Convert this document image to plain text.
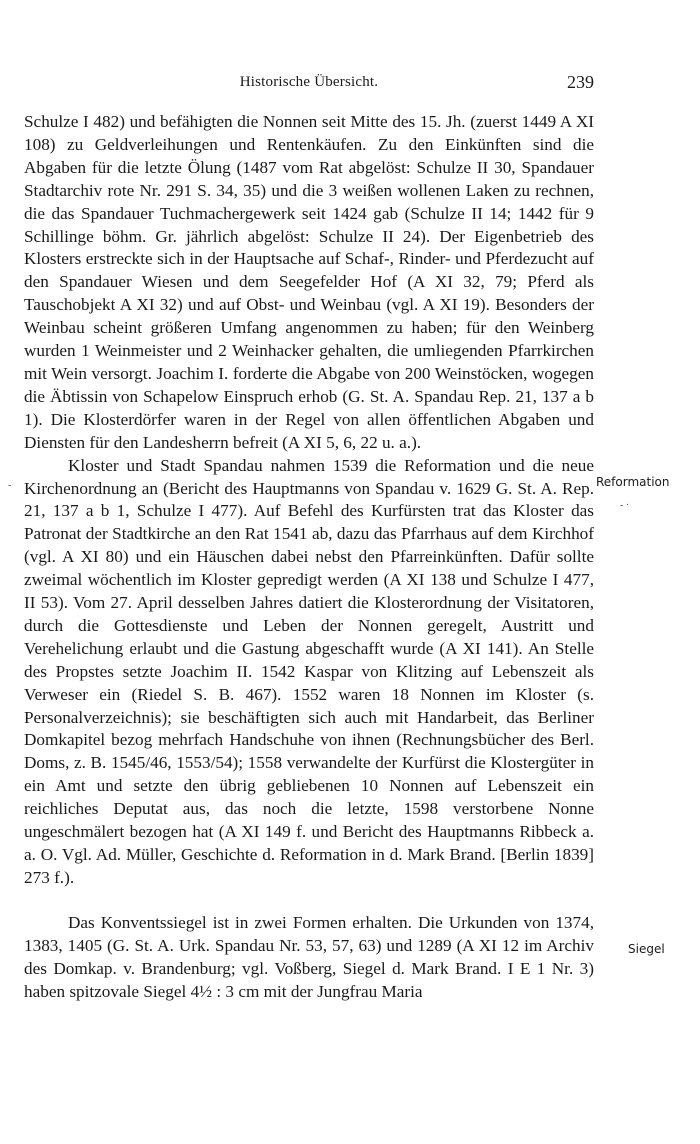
Historische Übersicht.	239

Schulze I 482) und befähigten die Nonnen seit Mitte des 15. Jh. (zuerst 1449 A XI 108) zu Geldverleihungen und Rentenkäufen. Zu den Einkünften sind die Abgaben für die letzte Ölung (1487 vom Rat abgelöst: Schulze II 30, Spandauer Stadtarchiv rote Nr. 291 S. 34, 35) und die 3 weißen wollenen Laken zu rechnen, die das Spandauer Tuchmachergewerk seit 1424 gab (Schulze II 14; 1442 für 9 Schillinge böhm. Gr. jährlich abgelöst: Schulze II 24). Der Eigenbetrieb des Klosters erstreckte sich in der Hauptsache auf Schaf-, Rinder- und Pferdezucht auf den Spandauer Wiesen und dem Seegefelder Hof (A XI 32, 79; Pferd als Tauschobjekt A XI 32) und auf Obst- und Weinbau (vgl. A XI 19). Besonders der Weinbau scheint größeren Umfang angenommen zu haben; für den Weinberg wurden 1 Weinmeister und 2 Weinhacker gehalten, die umliegenden Pfarrkirchen mit Wein versorgt. Joachim I. forderte die Abgabe von 200 Weinstöcken, wogegen die Äbtissin von Schapelow Einspruch erhob (G. St. A. Spandau Rep. 21, 137 a b 1). Die Klosterdörfer waren in der Regel von allen öffentlichen Abgaben und Diensten für den Landesherrn befreit (A XI 5, 6, 22 u. a.).

Kloster und Stadt Spandau nahmen 1539 die Reformation und die neue Kirchenordnung an (Bericht des Hauptmanns von Spandau v. 1629 G. St. A. Rep. 21, 137 a b 1, Schulze I 477). Auf Befehl des Kurfürsten trat das Kloster das Patronat der Stadtkirche an den Rat 1541 ab, dazu das Pfarrhaus auf dem Kirchhof (vgl. A XI 80) und ein Häuschen dabei nebst den Pfarreinkünften. Dafür sollte zweimal wöchentlich im Kloster gepredigt werden (A XI 138 und Schulze I 477, II 53). Vom 27. April desselben Jahres datiert die Klosterordnung der Visitatoren, durch die Gottesdienste und Leben der Nonnen geregelt, Austritt und Verehelichung erlaubt und die Gastung abgeschafft wurde (A XI 141). An Stelle des Propstes setzte Joachim II. 1542 Kaspar von Klitzing auf Lebenszeit als Verweser ein (Riedel S. B. 467). 1552 waren 18 Nonnen im Kloster (s. Personalverzeichnis); sie beschäftigten sich auch mit Handarbeit, das Berliner Domkapitel bezog mehrfach Handschuhe von ihnen (Rechnungsbücher des Berl. Doms, z. B. 1545/46, 1553/54); 1558 verwandelte der Kurfürst die Klostergüter in ein Amt und setzte den übrig gebliebenen 10 Nonnen auf Lebenszeit ein reichliches Deputat aus, das noch die letzte, 1598 verstorbene Nonne ungeschmälert bezogen hat (A XI 149 f. und Bericht des Hauptmanns Ribbeck a. a. O. Vgl. Ad. Müller, Geschichte d. Reformation in d. Mark Brand. [Berlin 1839] 273 f.).

Das Konventssiegel ist in zwei Formen erhalten. Die Urkunden von 1374, 1383, 1405 (G. St. A. Urk. Spandau Nr. 53, 57, 63) und 1289 (A XI 12 im Archiv des Domkap. v. Brandenburg; vgl. Voßberg, Siegel d. Mark Brand. I E 1 Nr. 3) haben spitzovale Siegel 4½ : 3 cm mit der Jungfrau Maria

Reformation
Siegel
-
- ·
